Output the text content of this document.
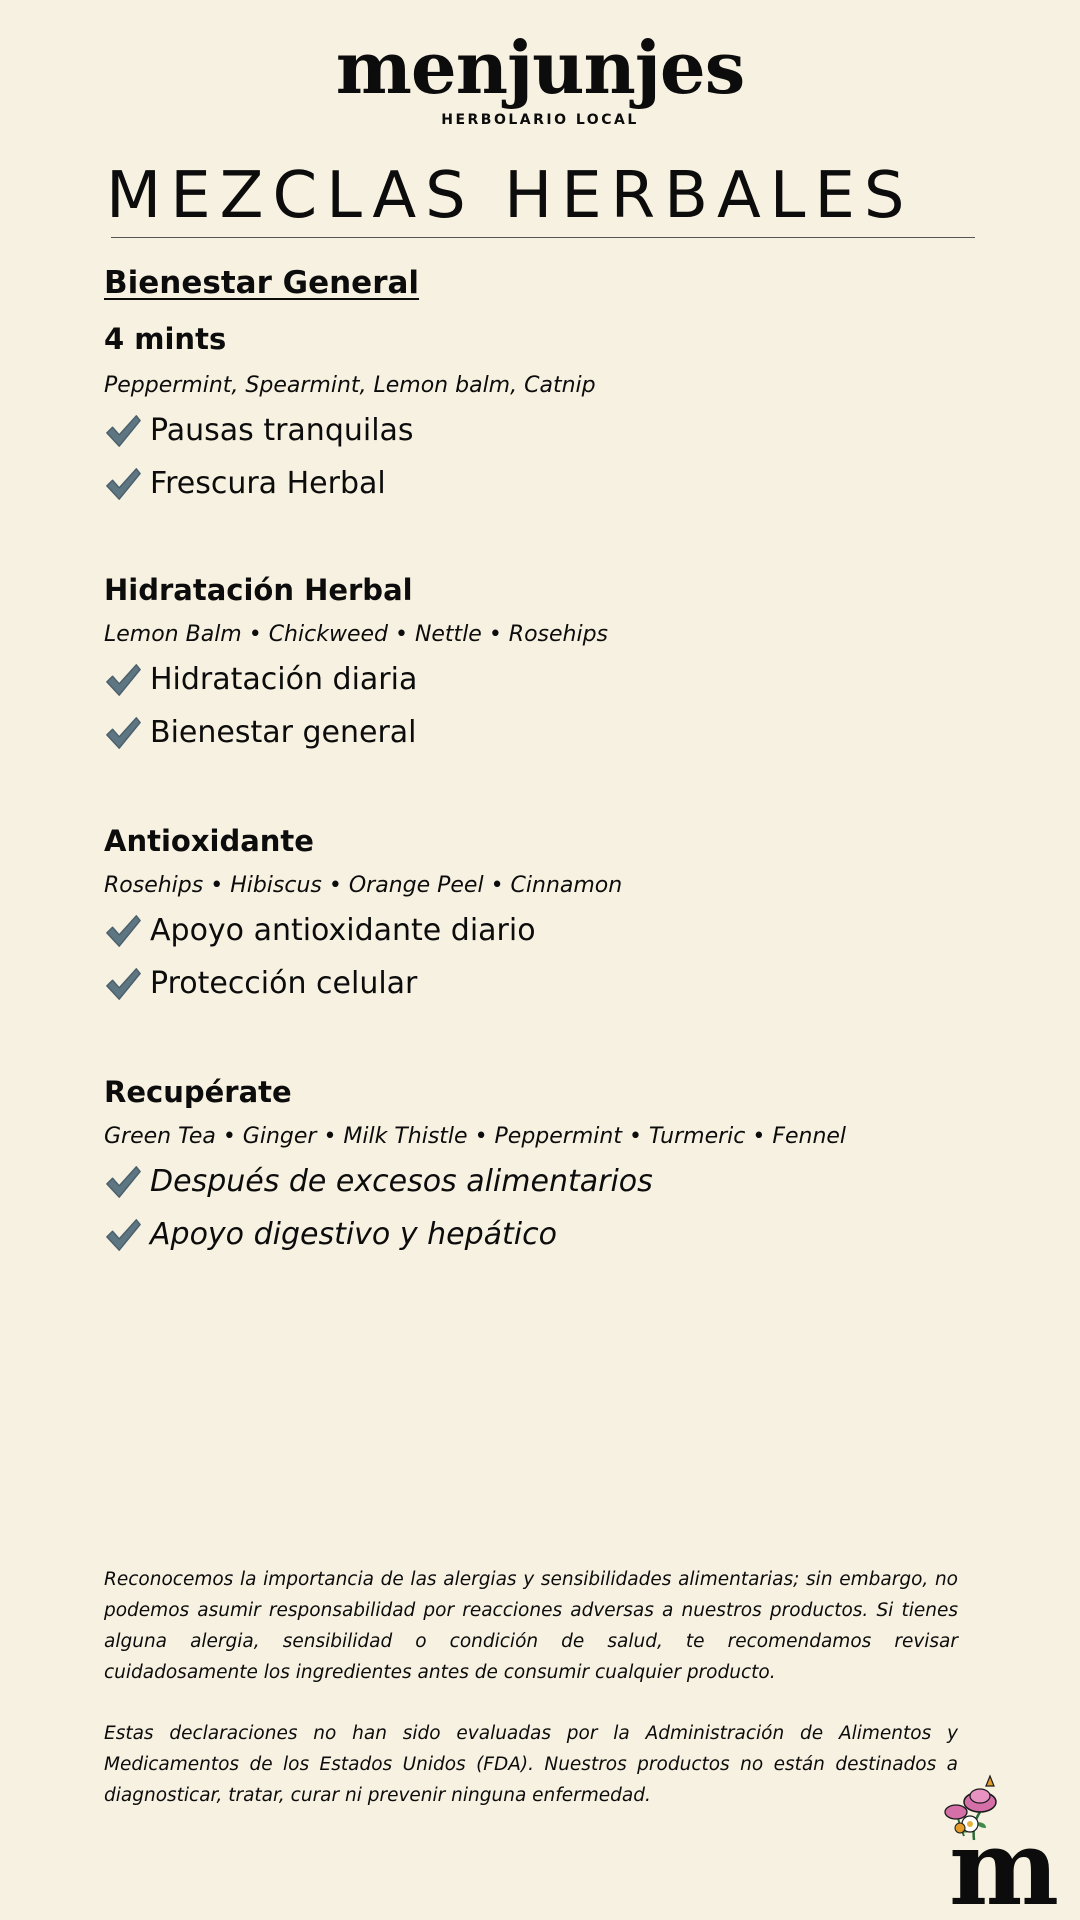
menjunjes
HERBOLARIO LOCAL
MEZCLAS HERBALES
Bienestar General
4 mints
Peppermint, Spearmint, Lemon balm, Catnip
Pausas tranquilas
Frescura Herbal
Hidratación Herbal
Lemon Balm • Chickweed • Nettle • Rosehips
Hidratación diaria
Bienestar general
Antioxidante
Rosehips • Hibiscus • Orange Peel • Cinnamon
Apoyo antioxidante diario
Protección celular
Recupérate
Green Tea • Ginger • Milk Thistle • Peppermint • Turmeric • Fennel
Después de excesos alimentarios
Apoyo digestivo y hepático

Reconocemos la importancia de las alergias y sensibilidades alimentarias; sin embargo, no podemos asumir responsabilidad por reacciones adversas a nuestros productos. Si tienes alguna alergia, sensibilidad o condición de salud, te recomendamos revisar cuidadosamente los ingredientes antes de consumir cualquier producto.

Estas declaraciones no han sido evaluadas por la Administración de Alimentos y Medicamentos de los Estados Unidos (FDA). Nuestros productos no están destinados a diagnosticar, tratar, curar ni prevenir ninguna enfermedad.

m
